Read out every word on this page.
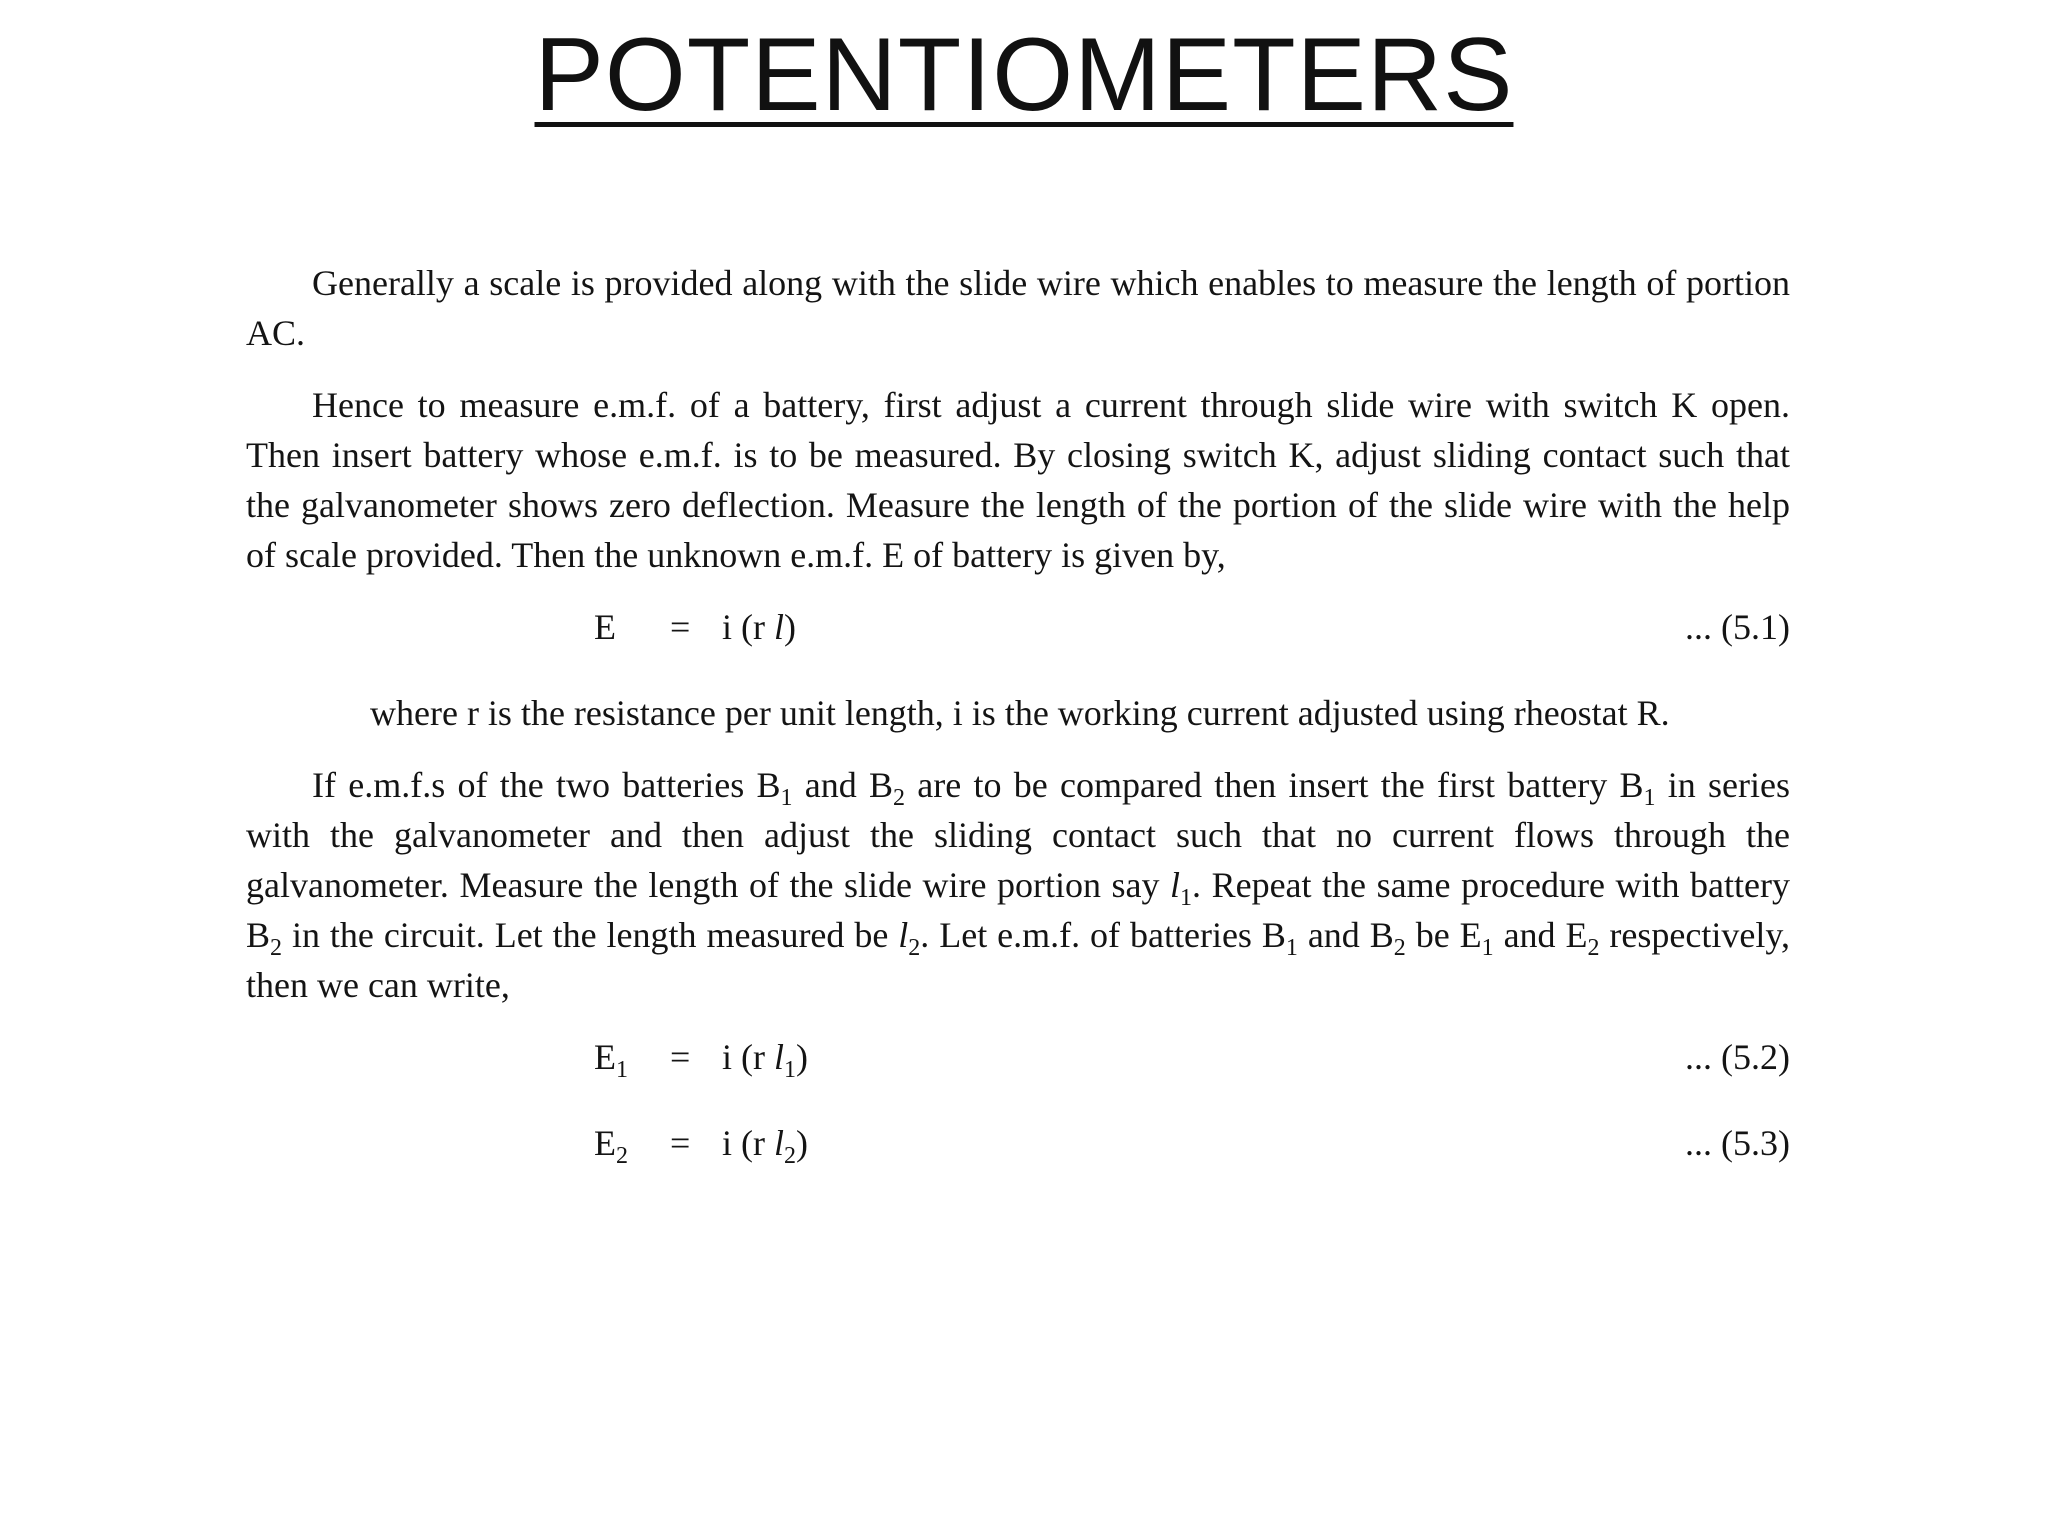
POTENTIOMETERS

Generally a scale is provided along with the slide wire which enables to measure the length of portion AC.

Hence to measure e.m.f. of a battery, first adjust a current through slide wire with switch K open. Then insert battery whose e.m.f. is to be measured. By closing switch K, adjust sliding contact such that the galvanometer shows zero deflection. Measure the length of the portion of the slide wire with the help of scale provided. Then the unknown e.m.f. E of battery is given by,

E = i (r l)	... (5.1)

where r is the resistance per unit length, i is the working current adjusted using rheostat R.

If e.m.f.s of the two batteries $B_1$ and $B_2$ are to be compared then insert the first battery $B_1$ in series with the galvanometer and then adjust the sliding contact such that no current flows through the galvanometer. Measure the length of the slide wire portion say $l_1$. Repeat the same procedure with battery $B_2$ in the circuit. Let the length measured be $l_2$. Let e.m.f. of batteries $B_1$ and $B_2$ be $E_1$ and $E_2$ respectively, then we can write,

$E_1 = i$ (r $l_1$)	... (5.2)
$E_2 = i$ (r $l_2$)	... (5.3)
